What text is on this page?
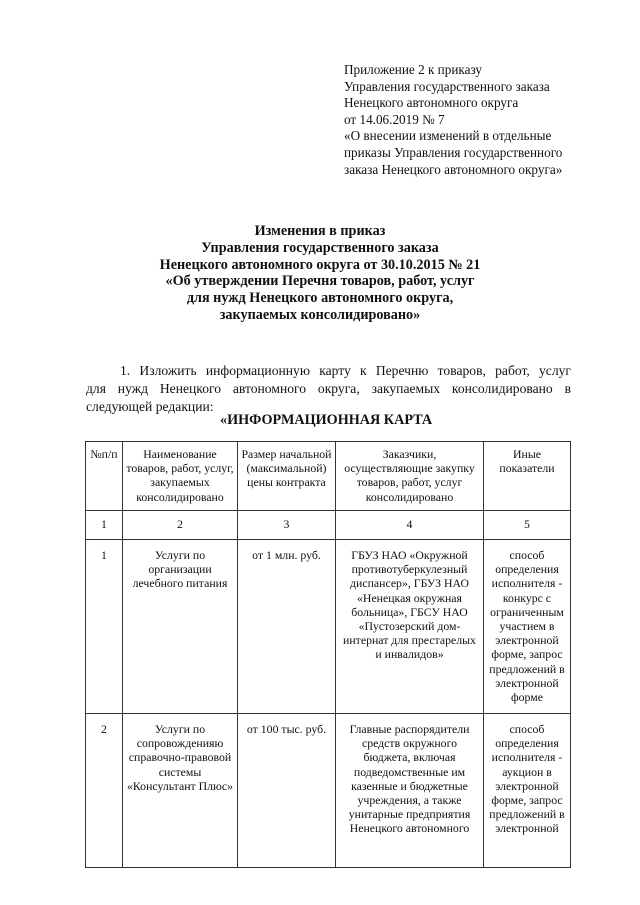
Приложение 2 к приказу
Управления государственного заказа
Ненецкого автономного округа
от 14.06.2019 № 7
«О внесении изменений в отдельные
приказы Управления государственного
заказа Ненецкого автономного округа»
Изменения в приказ
Управления государственного заказа
Ненецкого автономного округа от 30.10.2015 № 21
«Об утверждении Перечня товаров, работ, услуг
для нужд Ненецкого автономного округа,
закупаемых консолидировано»
1. Изложить информационную карту к Перечню товаров, работ, услуг
для нужд Ненецкого автономного округа, закупаемых консолидировано в
следующей редакции:
«ИНФОРМАЦИОННАЯ КАРТА
№п/п	Наименование товаров, работ, услуг, закупаемых консолидировано	Размер начальной (максимальной) цены контракта	Заказчики, осуществляющие закупку товаров, работ, услуг консолидировано	Иные показатели
1	2	3	4	5
1	Услуги по организации лечебного питания	от 1 млн. руб.	ГБУЗ НАО «Окружной противотуберкулезный диспансер», ГБУЗ НАО «Ненецкая окружная больница», ГБСУ НАО «Пустозерский дом-интернат для престарелых и инвалидов»	способ определения исполнителя - конкурс с ограниченным участием в электронной форме, запрос предложений в электронной форме
2	Услуги по сопровожденияю справочно-правовой системы «Консультант Плюс»	от 100 тыс. руб.	Главные распорядители средств окружного бюджета, включая подведомственные им казенные и бюджетные учреждения, а также унитарные предприятия Ненецкого автономного	способ определения исполнителя - аукцион в электронной форме, запрос предложений в электронной
